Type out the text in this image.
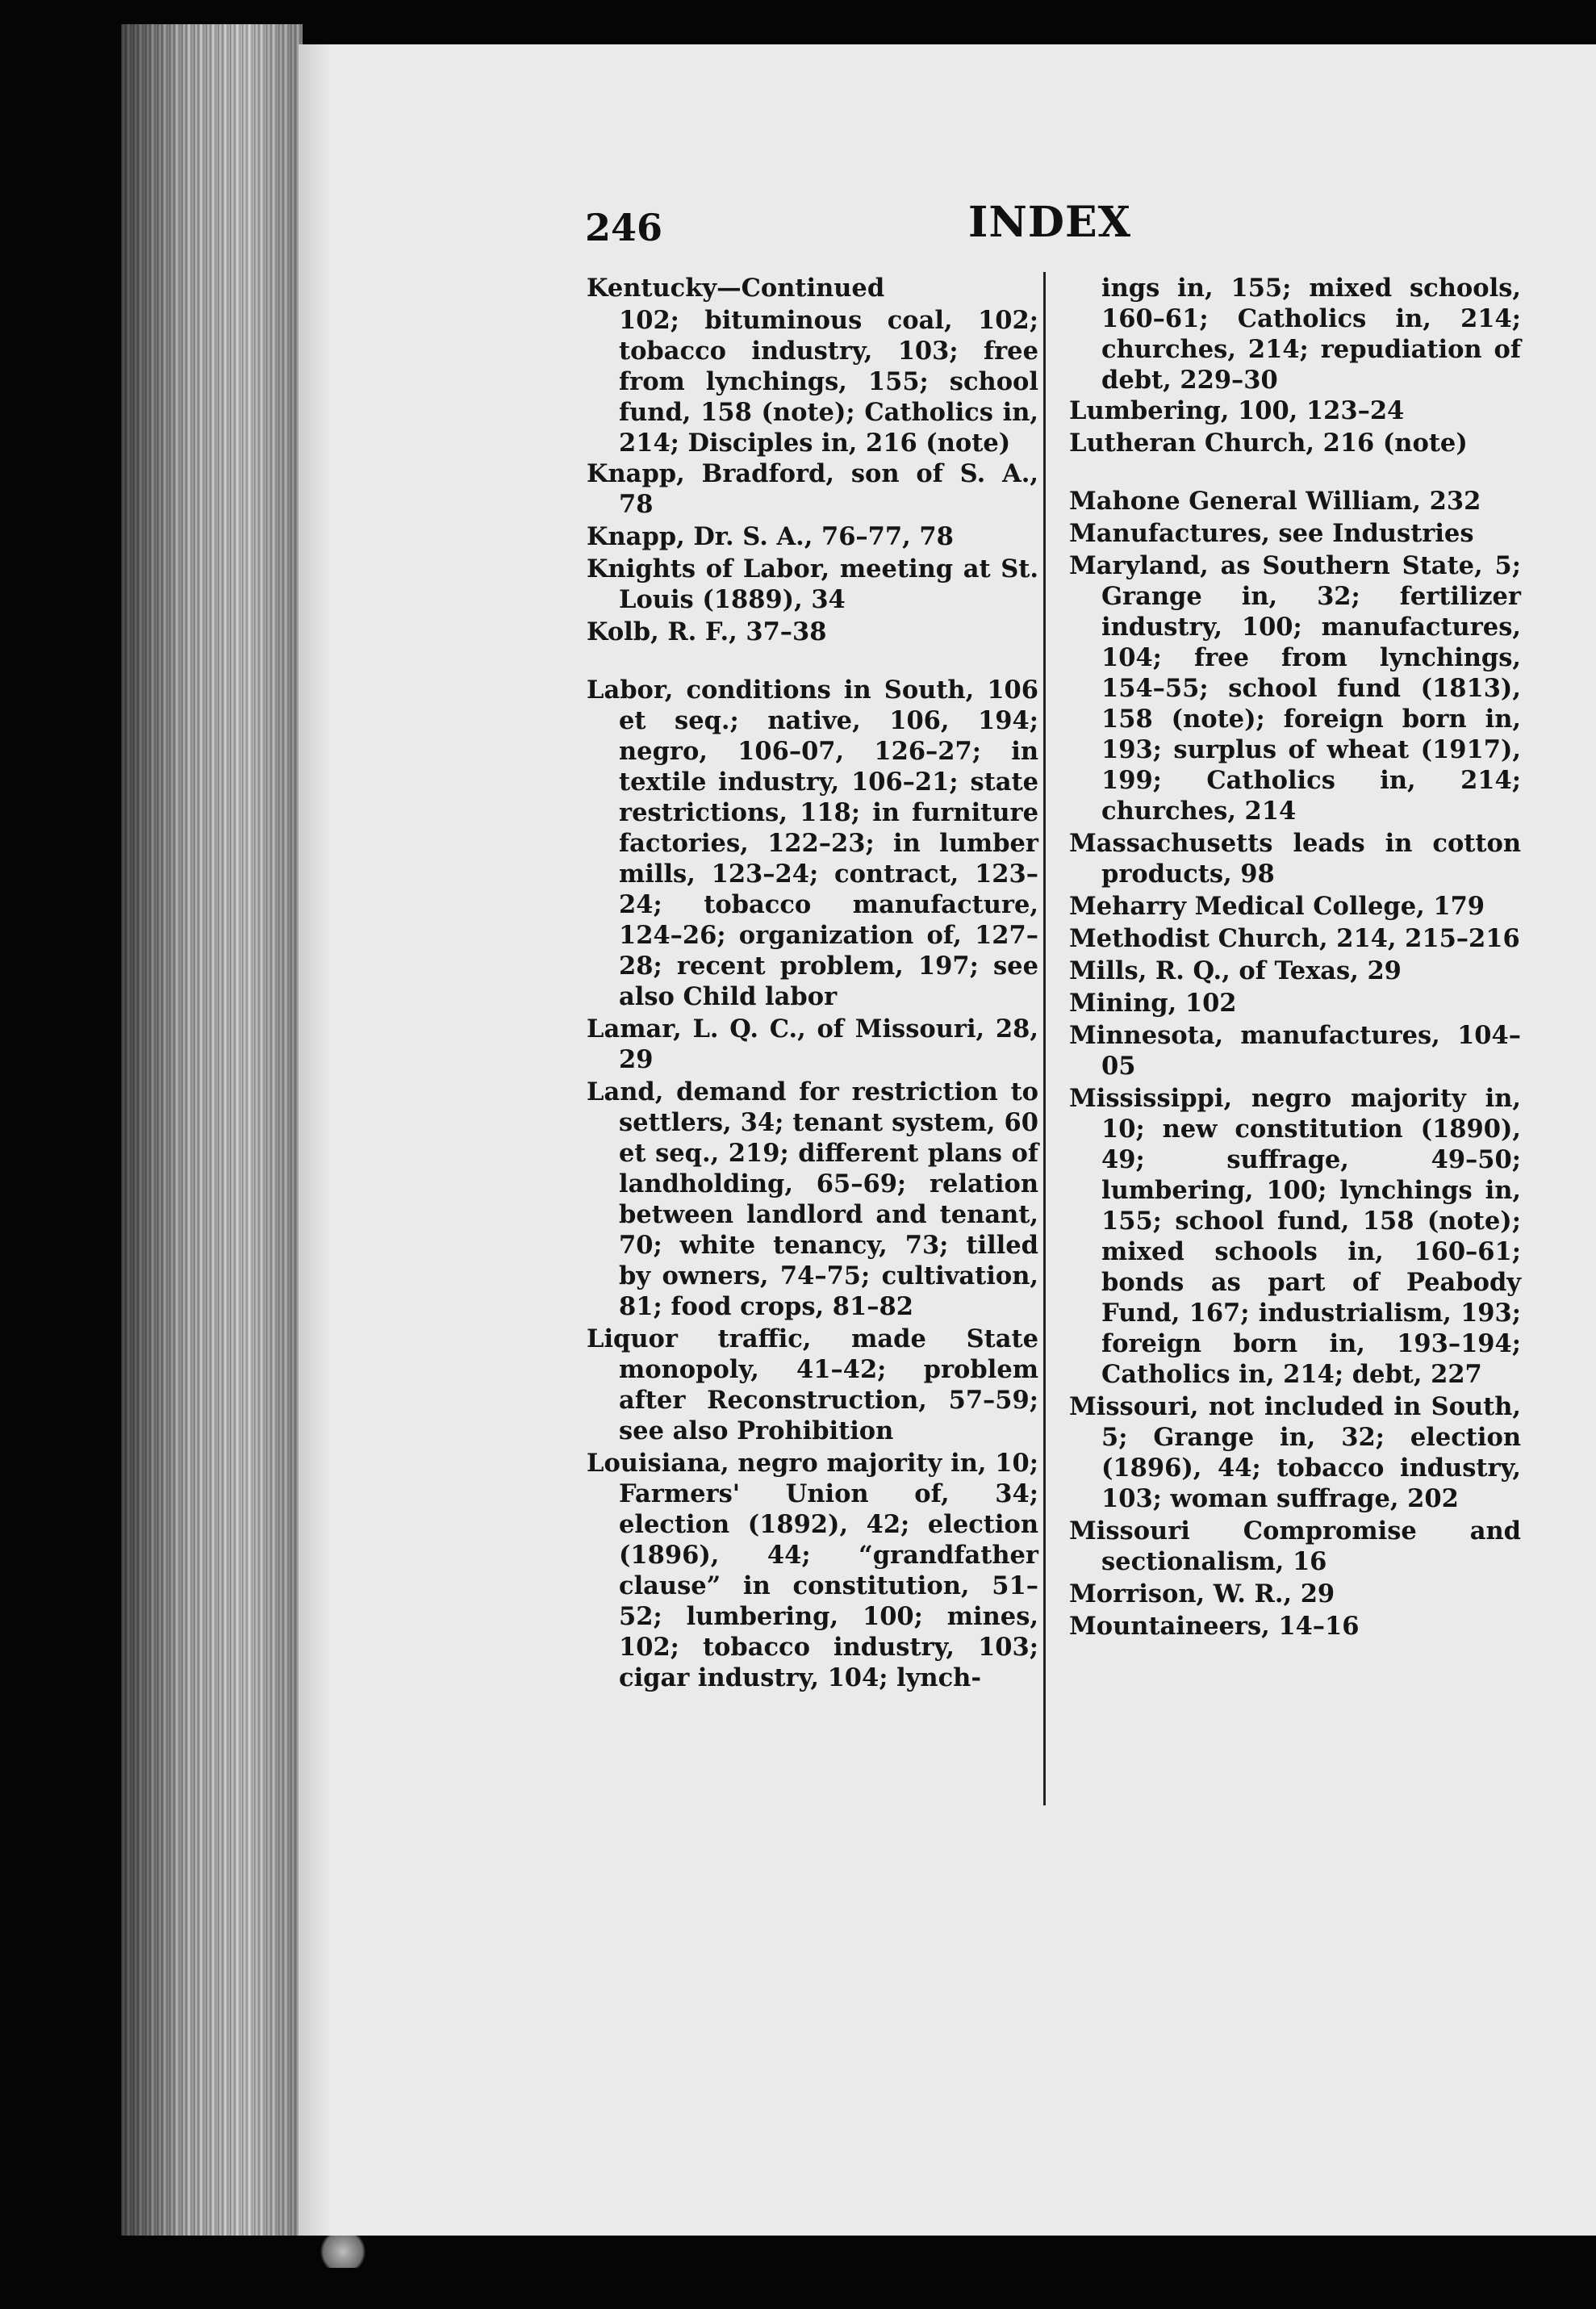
246	INDEX
Kentucky—Continued
102; bituminous coal, 102; tobacco industry, 103; free from lynchings, 155; school fund, 158 (note); Catholics in, 214; Disciples in, 216 (note)
Knapp, Bradford, son of S. A., 78
Knapp, Dr. S. A., 76–77, 78
Knights of Labor, meeting at St. Louis (1889), 34
Kolb, R. F., 37–38
Labor, conditions in South, 106 et seq.; native, 106, 194; negro, 106–07, 126–27; in textile industry, 106–21; state restrictions, 118; in furniture factories, 122–23; in lumber mills, 123–24; contract, 123–24; tobacco manufacture, 124–26; organization of, 127–28; recent problem, 197; see also Child labor
Lamar, L. Q. C., of Missouri, 28, 29
Land, demand for restriction to settlers, 34; tenant system, 60 et seq., 219; different plans of landholding, 65–69; relation between landlord and tenant, 70; white tenancy, 73; tilled by owners, 74–75; cultivation, 81; food crops, 81–82
Liquor traffic, made State monopoly, 41–42; problem after Reconstruction, 57–59; see also Prohibition
Louisiana, negro majority in, 10; Farmers' Union of, 34; election (1892), 42; election (1896), 44; “grandfather clause” in constitution, 51–52; lumbering, 100; mines, 102; tobacco industry, 103; cigar industry, 104; lynch-
ings in, 155; mixed schools, 160–61; Catholics in, 214; churches, 214; repudiation of debt, 229–30
Lumbering, 100, 123–24
Lutheran Church, 216 (note)
Mahone General William, 232
Manufactures, see Industries
Maryland, as Southern State, 5; Grange in, 32; fertilizer industry, 100; manufactures, 104; free from lynchings, 154–55; school fund (1813), 158 (note); foreign born in, 193; surplus of wheat (1917), 199; Catholics in, 214; churches, 214
Massachusetts leads in cotton products, 98
Meharry Medical College, 179
Methodist Church, 214, 215–216
Mills, R. Q., of Texas, 29
Mining, 102
Minnesota, manufactures, 104–05
Mississippi, negro majority in, 10; new constitution (1890), 49; suffrage, 49–50; lumbering, 100; lynchings in, 155; school fund, 158 (note); mixed schools in, 160–61; bonds as part of Peabody Fund, 167; industrialism, 193; foreign born in, 193–194; Catholics in, 214; debt, 227
Missouri, not included in South, 5; Grange in, 32; election (1896), 44; tobacco industry, 103; woman suffrage, 202
Missouri Compromise and sectionalism, 16
Morrison, W. R., 29
Mountaineers, 14–16
